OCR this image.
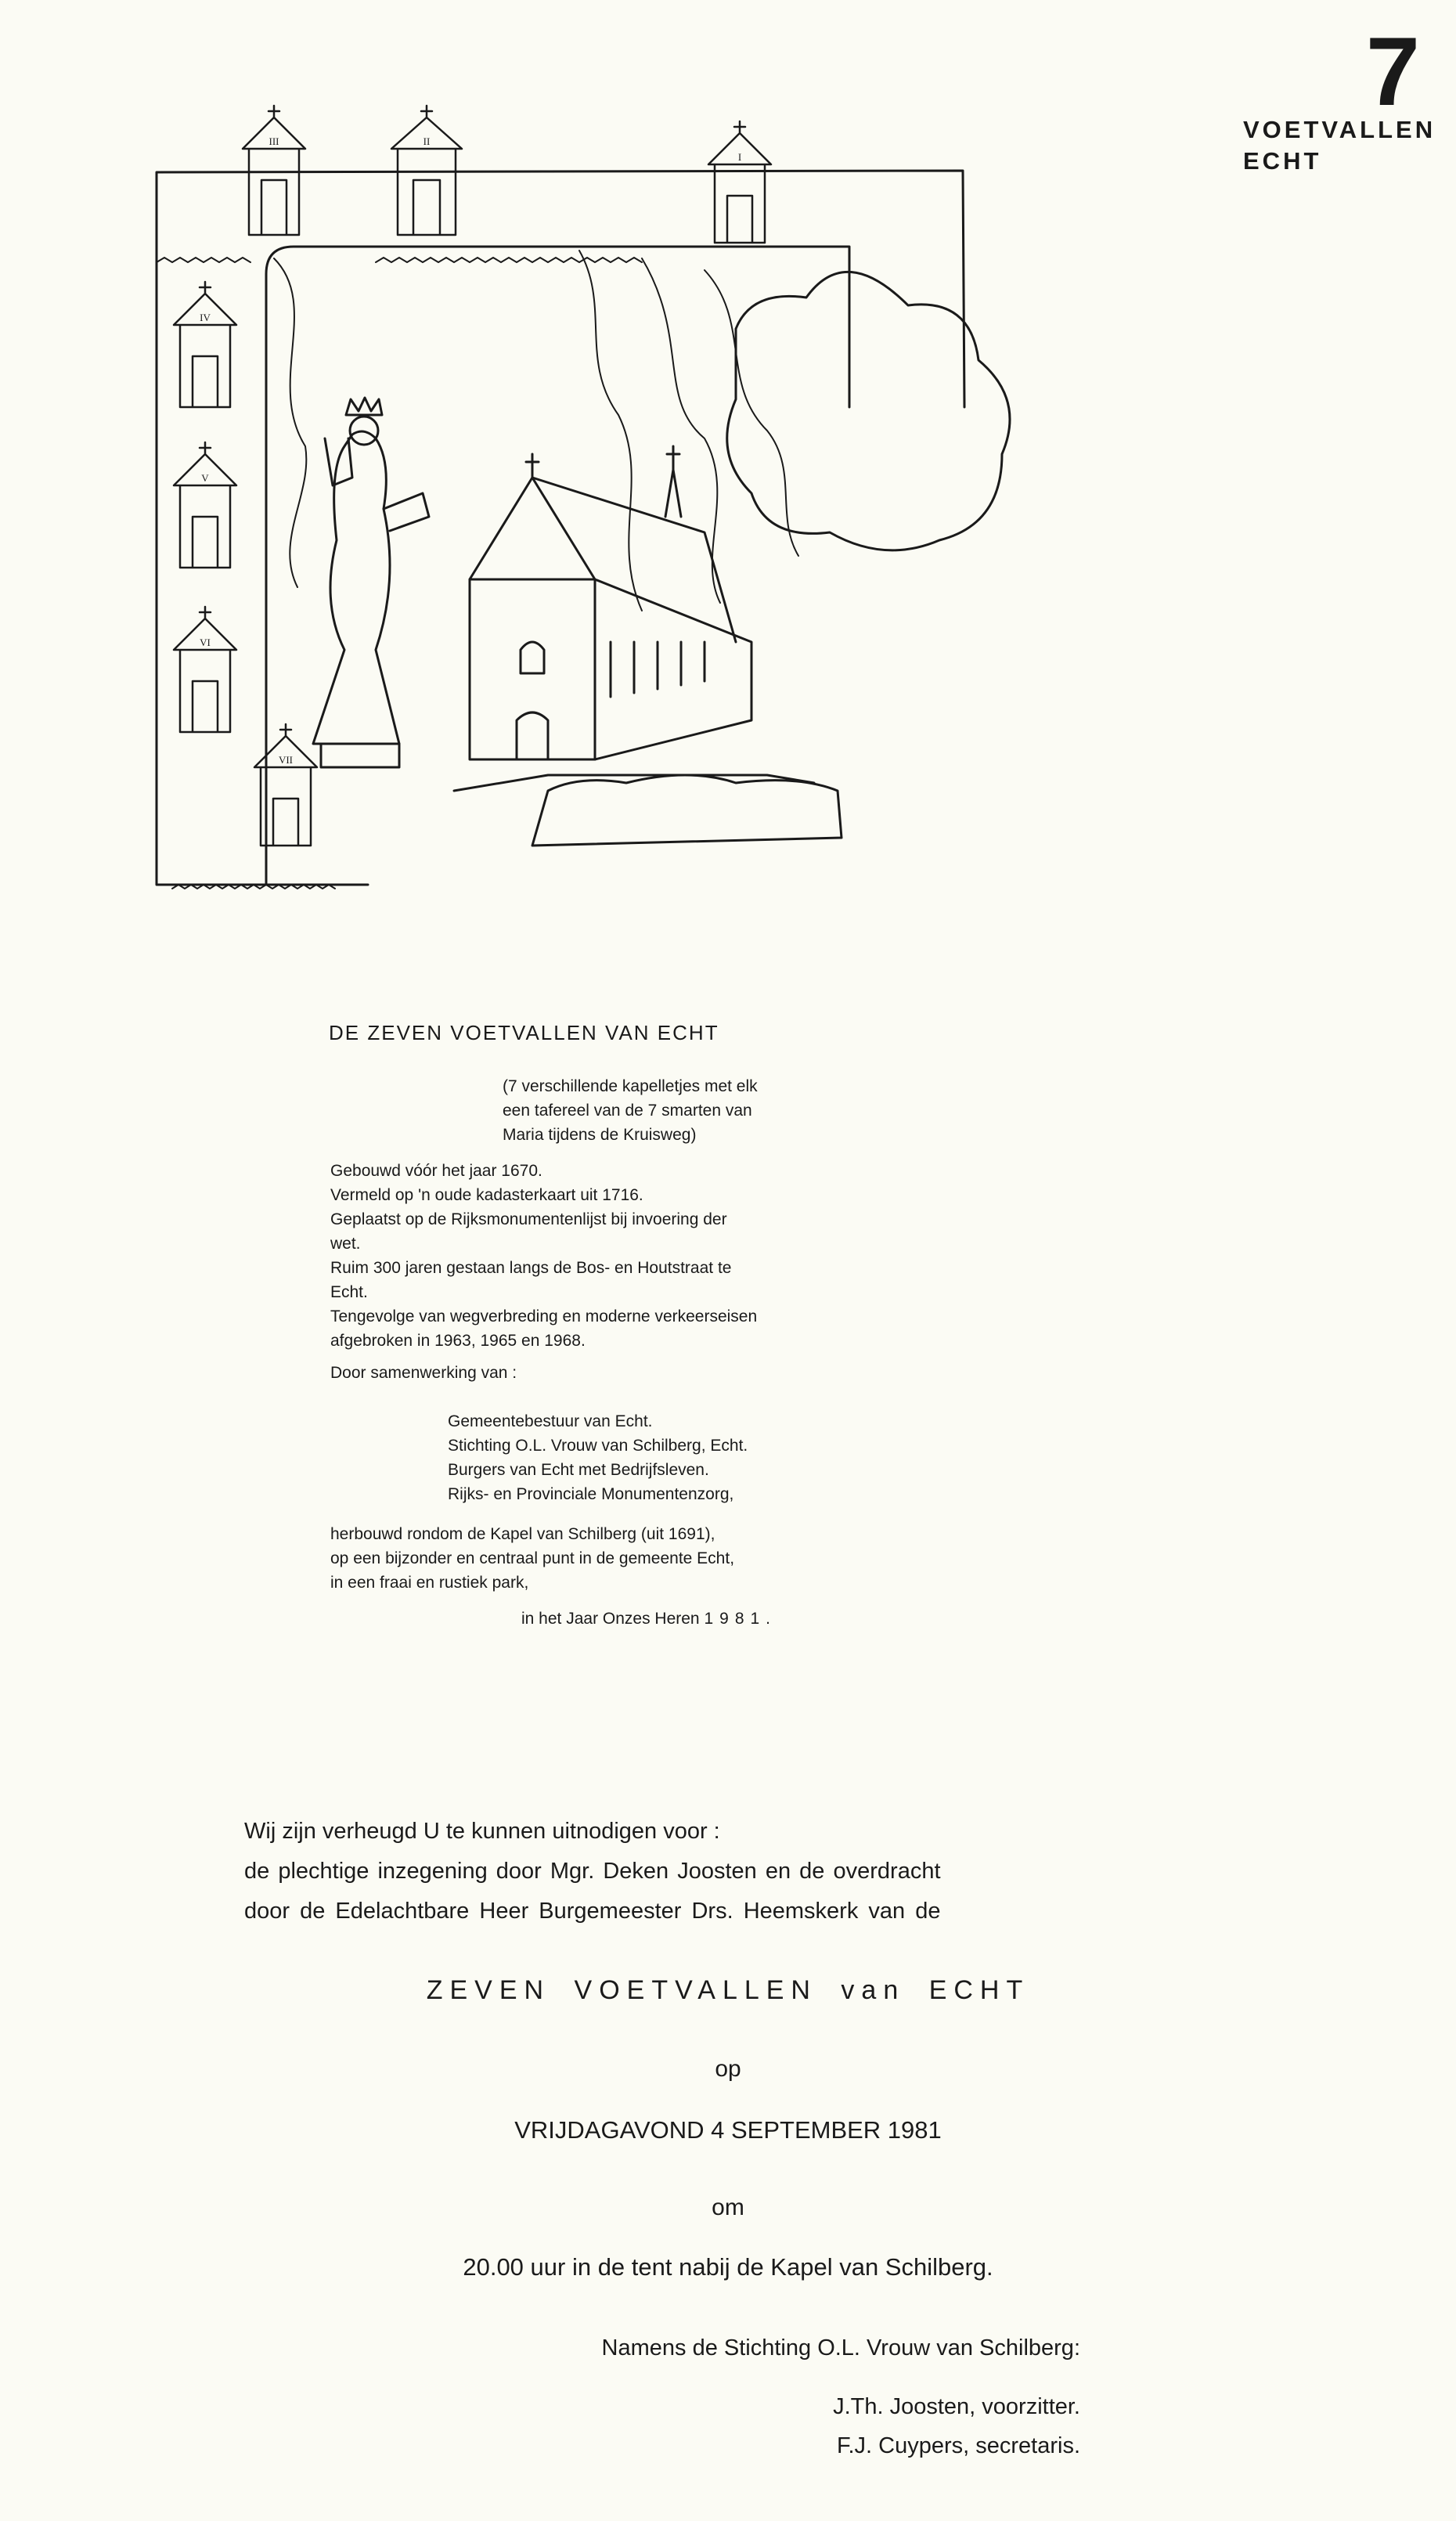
7
VOETVALLEN
ECHT
III	II
I
IV
V
VI
VII
DE ZEVEN VOETVALLEN VAN ECHT
(7 verschillende kapelletjes met elk
een tafereel van de 7 smarten van
Maria tijdens de Kruisweg)
Gebouwd vóór het jaar 1670.
Vermeld op 'n oude kadasterkaart uit 1716.
Geplaatst op de Rijksmonumentenlijst bij invoering der
wet.
Ruim 300 jaren gestaan langs de Bos- en Houtstraat te
Echt.
Tengevolge van wegverbreding en moderne verkeerseisen
afgebroken in 1963, 1965 en 1968.
Door samenwerking van :
Gemeentebestuur van Echt.
Stichting O.L. Vrouw van Schilberg, Echt.
Burgers van Echt met Bedrijfsleven.
Rijks- en Provinciale Monumentenzorg,
herbouwd rondom de Kapel van Schilberg (uit 1691),
op een bijzonder en centraal punt in de gemeente Echt,
in een fraai en rustiek park,
in het Jaar Onzes Heren 1981.
Wij zijn verheugd U te kunnen uitnodigen voor :
de plechtige inzegening door Mgr. Deken Joosten en de overdracht
door de Edelachtbare Heer Burgemeester Drs. Heemskerk van de
ZEVEN VOETVALLEN van ECHT
op
VRIJDAGAVOND 4 SEPTEMBER 1981
om
20.00 uur in de tent nabij de Kapel van Schilberg.
Namens de Stichting O.L. Vrouw van Schilberg:
J.Th. Joosten, voorzitter.
F.J. Cuypers, secretaris.
